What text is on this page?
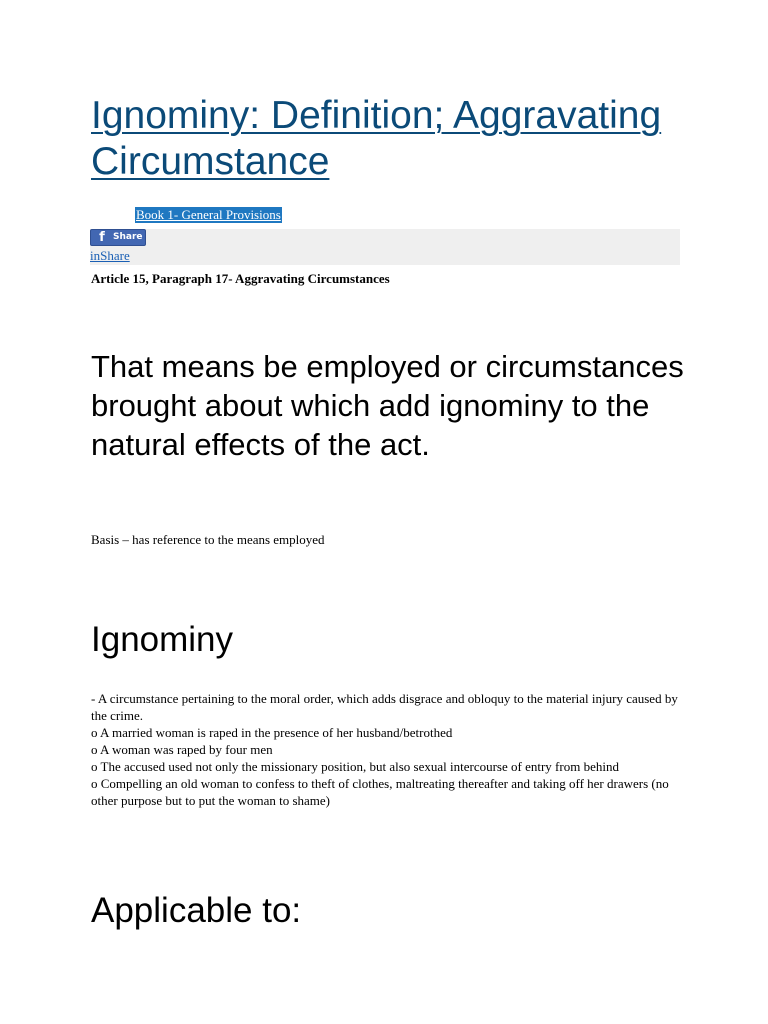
Ignominy: Definition; Aggravating Circumstance
Book 1- General Provisions
f Share
inShare

Article 15, Paragraph 17- Aggravating Circumstances

That means be employed or circumstances brought about which add ignominy to the natural effects of the act.

Basis – has reference to the means employed

Ignominy
- A circumstance pertaining to the moral order, which adds disgrace and obloquy to the material injury caused by the crime.
o A married woman is raped in the presence of her husband/betrothed
o A woman was raped by four men
o The accused used not only the missionary position, but also sexual intercourse of entry from behind
o Compelling an old woman to confess to theft of clothes, maltreating thereafter and taking off her drawers (no other purpose but to put the woman to shame)
Applicable to:
